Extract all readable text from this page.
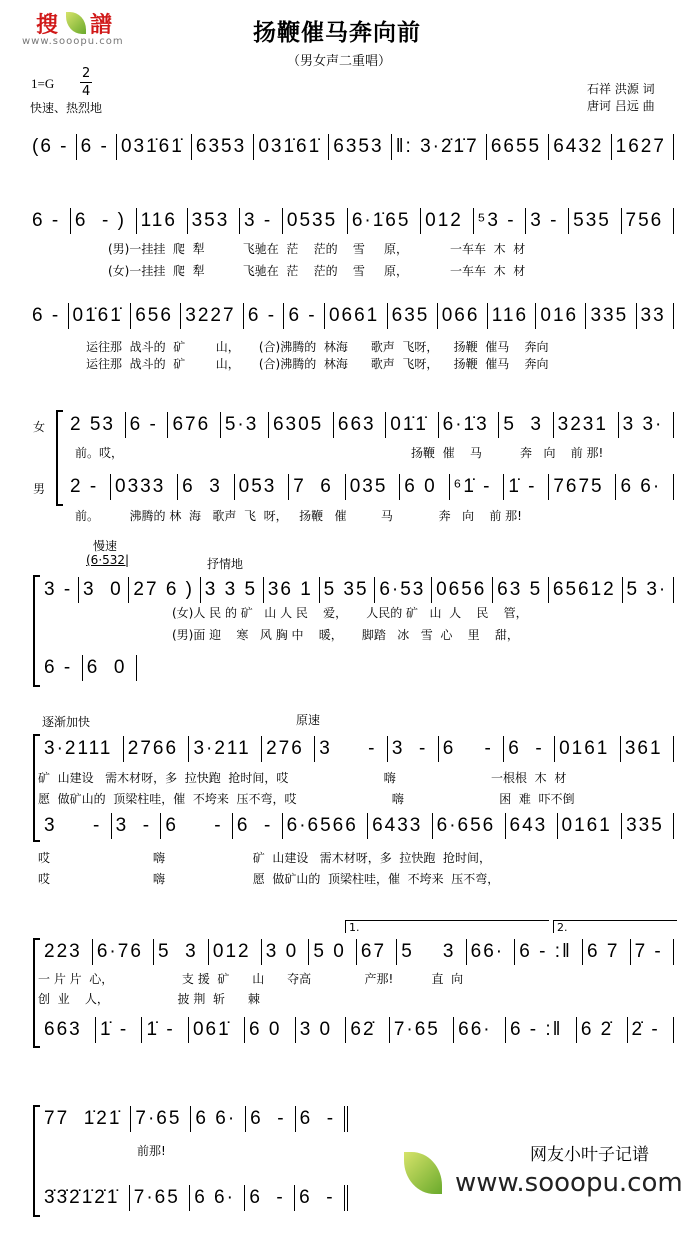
搜 譜
www.sooopu.com	扬鞭催马奔向前
（男女声二重唱）
1=G
2
4
快速、热烈地
石祥 洪源 词
唐诃 吕远 曲
(6 - 6 - 031̇61̇ 6353 031̇61̇ 6353 ‖: 3·2̇1̇7 6655 6432 1627
6 - 6  - ) 116 353 3 - 0535 6·1̇65 012 ⁵3 - 3 - 535 756
(男)一挂挂  爬  犁          飞驰在  茫    茫的    雪     原，           一车车  木  材
(女)一挂挂  爬  犁          飞驰在  茫    茫的    雪     原，           一车车  木  材
6 - 01̇61̇ 656 3227 6 - 6 - 0661 635 066 116 016 335 33
运往那  战斗的  矿        山，     (合)沸腾的  林海      歌声  飞呀，    扬鞭  催马    奔向
运往那  战斗的  矿        山，     (合)沸腾的  林海      歌声  飞呀，    扬鞭  催马    奔向
女
男
2 53 6 - 676 5·3 6305 663 01̇1̇ 6·1̇3 5  3 3231 3 3·
前。哎，	扬鞭  催    马          奔   向    前 那!
2 - 0333 6  3 053 7  6 035 6 0 ⁶1̇ - 1̇ - 7675 6 6·
前。        沸腾的 林  海   歌声  飞  呀，   扬鞭   催         马            奔   向    前 那!
慢速
(6·532|	抒情地
3 - 3  0 27 6 ) 3 3 5 36 1 5 35 6·53 0656 63 5 65612 5 3·
(女)人 民 的 矿   山 人 民    爱，     人民的 矿   山  人    民    管，
(男)面 迎    寒   风 胸 中    暖，     脚踏   冰   雪  心    里    甜，
6 - 6  0
逐渐加快	原速
3·2111 2766 3·211 276 3     - 3  - 6    - 6  - 0161 361
矿  山建设   需木材呀，多  拉快跑  抢时间，哎                         嗨                         一根根  木  材
愿  做矿山的  顶梁柱哇，催  不垮来  压不弯，哎                         嗨                         困  难  吓不倒
3     - 3  - 6     - 6  - 6·6566 6433 6·656 643 0161 335
哎                           嗨                       矿  山建设   需木材呀，多  拉快跑  抢时间，
哎                           嗨                       愿  做矿山的  顶梁柱哇，催  不垮来  压不弯，
1.	2.
223 6·76 5  3 012 3 0 5 0 67 5    3 66· 6 - :‖ 6 7 7 -
一 片 片  心，                  支 援  矿      山      夺高              产那!          直  向
创  业    人，                  披 荆  斩      棘
663 1̇ - 1̇ - 061̇ 6 0 3 0 62̇ 7·65 66· 6 - :‖ 6 2̇ 2̇ -
77  1̇21̇ 7·65 6 6· 6  - 6  -
前那!
3̇3̇2̇1̇2̇1̇ 7·65 6 6· 6  - 6  -
网友小叶子记谱
www.sooopu.com
